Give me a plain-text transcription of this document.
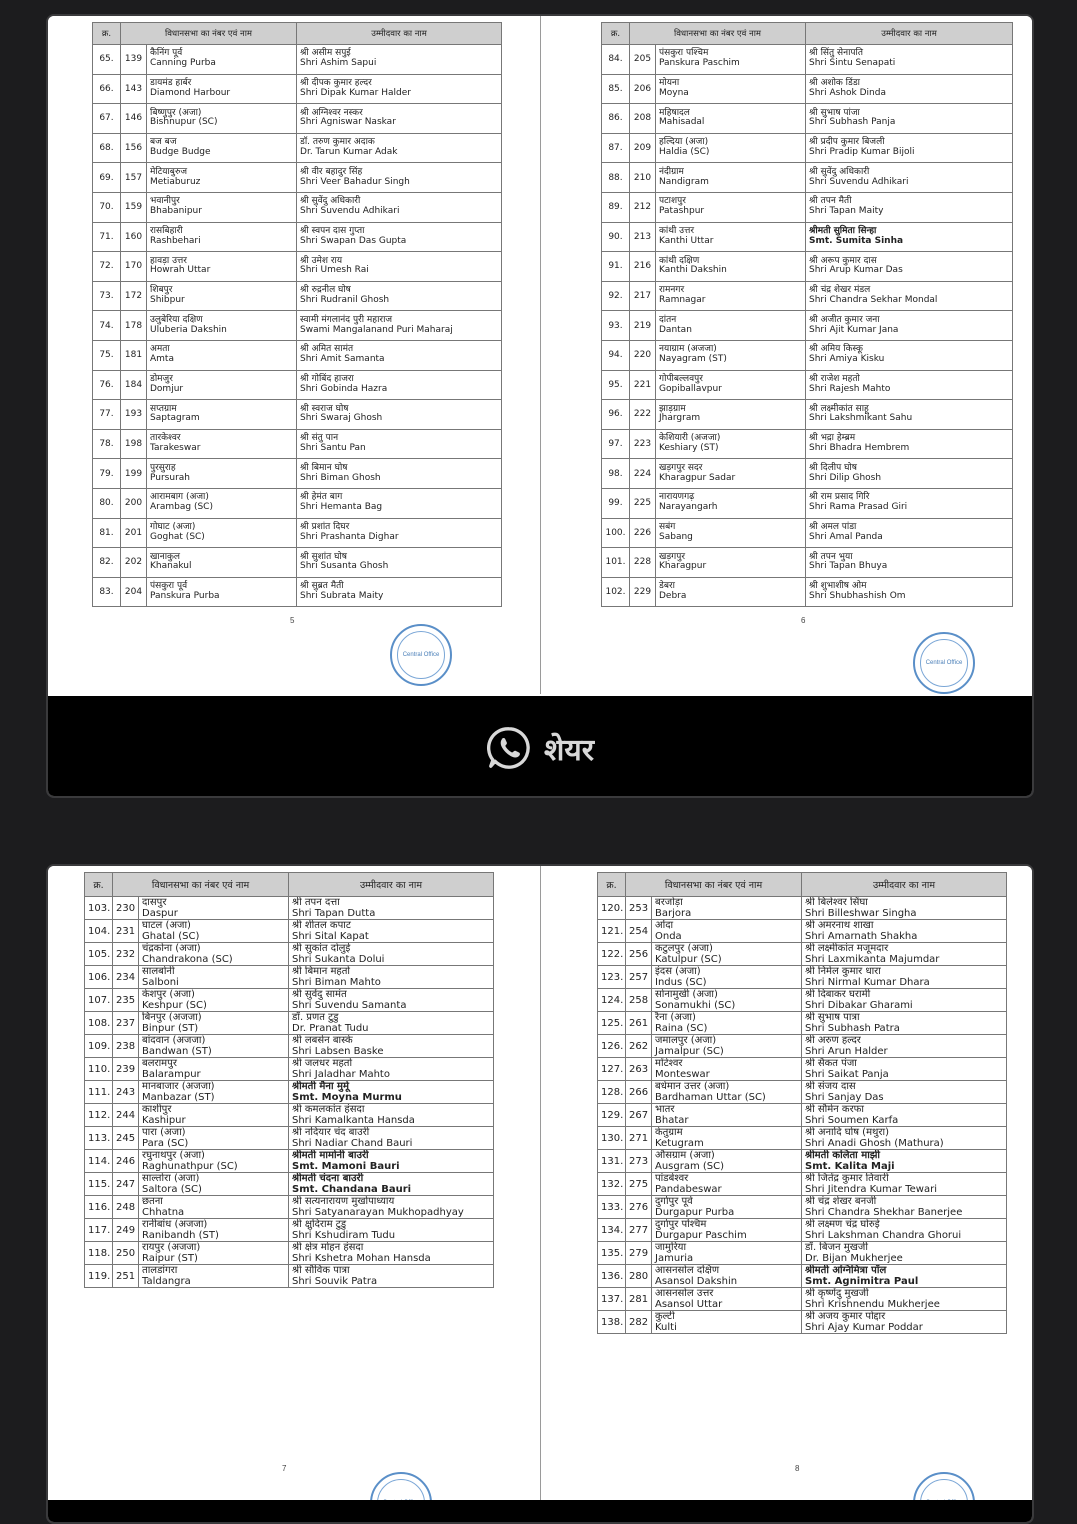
क्र.	विधानसभा का नंबर एवं नाम		उम्मीदवार का नाम
65.	139	कैनिंग पूर्व
Canning Purba	श्री असीम सपुई
Shri Ashim Sapui

66.	143	डायमंड हार्बर
Diamond Harbour	श्री दीपक कुमार हल्दर
Shri Dipak Kumar Halder

67.	146	बिष्णुपुर (अजा)
Bishnupur (SC)	श्री अग्निश्वर नस्कर
Shri Agniswar Naskar

68.	156	बज बज
Budge Budge	डॉ. तरुण कुमार अदाक
Dr. Tarun Kumar Adak

69.	157	मेटियाबुरुज
Metiaburuz	श्री वीर बहादुर सिंह
Shri Veer Bahadur Singh

70.	159	भवानीपुर
Bhabanipur	श्री सुवेंदु अधिकारी
Shri Suvendu Adhikari

71.	160	रासबिहारी
Rashbehari	श्री स्वपन दास गुप्ता
Shri Swapan Das Gupta

72.	170	हावड़ा उत्तर
Howrah Uttar	श्री उमेश राय
Shri Umesh Rai

73.	172	शिबपुर
Shibpur	श्री रुद्रनील घोष
Shri Rudranil Ghosh

74.	178	उलुबेरिया दक्षिण
Uluberia Dakshin	स्वामी मंगलानंद पुरी महाराज
Swami Mangalanand Puri Maharaj

75.	181	अमता
Amta	श्री अमित सामंत
Shri Amit Samanta

76.	184	डोमजुर
Domjur	श्री गोबिंद हाजरा
Shri Gobinda Hazra

77.	193	सप्तग्राम
Saptagram	श्री स्वराज घोष
Shri Swaraj Ghosh

78.	198	तारकेश्वर
Tarakeswar	श्री संतु पान
Shri Santu Pan

79.	199	पुरसुराह
Pursurah	श्री बिमान घोष
Shri Biman Ghosh

80.	200	आरामबाग (अजा)
Arambag (SC)	श्री हेमंत बाग
Shri Hemanta Bag

81.	201	गोघाट (अजा)
Goghat (SC)	श्री प्रशांत दिघर
Shri Prashanta Dighar

82.	202	खानाकुल
Khanakul	श्री सुशांत घोष
Shri Susanta Ghosh

83.	204	पंसकुरा पूर्व
Panskura Purba	श्री सुब्रत मैती
Shri Subrata Maity
5
Central Office
क्र.	विधानसभा का नंबर एवं नाम		उम्मीदवार का नाम
84.	205	पंसकुरा पश्चिम
Panskura Paschim	श्री सिंतु सेनापति
Shri Sintu Senapati

85.	206	मोयना
Moyna	श्री अशोक डिंडा
Shri Ashok Dinda

86.	208	महिषादल
Mahisadal	श्री सुभाष पांजा
Shri Subhash Panja

87.	209	हल्दिया (अजा)
Haldia (SC)	श्री प्रदीप कुमार बिजली
Shri Pradip Kumar Bijoli

88.	210	नंदीग्राम
Nandigram	श्री सुवेंदु अधिकारी
Shri Suvendu Adhikari

89.	212	पटाशपुर
Patashpur	श्री तपन मैती
Shri Tapan Maity

90.	213	कांथी उत्तर
Kanthi Uttar	श्रीमती सुमिता सिन्हा
Smt. Sumita Sinha

91.	216	कांथी दक्षिण
Kanthi Dakshin	श्री अरूप कुमार दास
Shri Arup Kumar Das

92.	217	रामनगर
Ramnagar	श्री चंद्र शेखर मंडल
Shri Chandra Sekhar Mondal

93.	219	दांतन
Dantan	श्री अजीत कुमार जना
Shri Ajit Kumar Jana

94.	220	नयाग्राम (अजजा)
Nayagram (ST)	श्री अमिय किस्कू
Shri Amiya Kisku

95.	221	गोपीबल्लवपुर
Gopiballavpur	श्री राजेश महतो
Shri Rajesh Mahto

96.	222	झाड़ग्राम
Jhargram	श्री लक्ष्मीकांत साहू
Shri Lakshmikant Sahu

97.	223	केशियारी (अजजा)
Keshiary (ST)	श्री भद्रा हेम्ब्रम
Shri Bhadra Hembrem

98.	224	खड़गपुर सदर
Kharagpur Sadar	श्री दिलीप घोष
Shri Dilip Ghosh

99.	225	नारायणगढ़
Narayangarh	श्री राम प्रसाद गिरि
Shri Rama Prasad Giri

100.	226	सबंग
Sabang	श्री अमल पांडा
Shri Amal Panda

101.	228	खड़गपुर
Kharagpur	श्री तपन भुया
Shri Tapan Bhuya

102.	229	डेबरा
Debra	श्री शुभाशीष ओम
Shri Shubhashish Om
6
Central Office
शेयर
क्र.	विधानसभा का नंबर एवं नाम		उम्मीदवार का नाम
103.	230	दासपुर
Daspur	श्री तपन दत्ता
Shri Tapan Dutta

104.	231	घाटल (अजा)
Ghatal (SC)	श्री शीतल कपाट
Shri Sital Kapat

105.	232	चंद्रकोना (अजा)
Chandrakona (SC)	श्री सुकांत दोलुई
Shri Sukanta Dolui

106.	234	सालबोनी
Salboni	श्री बिमान महतो
Shri Biman Mahto

107.	235	केशपुर (अजा)
Keshpur (SC)	श्री सुवेंदु सामंत
Shri Suvendu Samanta

108.	237	बिनपुर (अजजा)
Binpur (ST)	डॉ. प्रणत टुडु
Dr. Pranat Tudu

109.	238	बांदवान (अजजा)
Bandwan (ST)	श्री लबसेन बास्के
Shri Labsen Baske

110.	239	बलरामपुर
Balarampur	श्री जलधर महतो
Shri Jaladhar Mahto

111.	243	मानबाजार (अजजा)
Manbazar (ST)	श्रीमती मैना मुर्मू
Smt. Moyna Murmu

112.	244	काशीपुर
Kashipur	श्री कमलकांत हंसदा
Shri Kamalkanta Hansda

113.	245	पारा (अजा)
Para (SC)	श्री नदियार चंद बाउरी
Shri Nadiar Chand Bauri

114.	246	रघुनाथपुर (अजा)
Raghunathpur (SC)	श्रीमती मामोनी बाउरी
Smt. Mamoni Bauri

115.	247	साल्तोरा (अजा)
Saltora (SC)	श्रीमती चंदना बाउरी
Smt. Chandana Bauri

116.	248	छतना
Chhatna	श्री सत्यनारायण मुखोपाध्याय
Shri Satyanarayan Mukhopadhyay

117.	249	रानीबांध (अजजा)
Ranibandh (ST)	श्री क्षुदिराम टुडु
Shri Kshudiram Tudu

118.	250	रायपुर (अजजा)
Raipur (ST)	श्री क्षेत्र मोहन हंसदा
Shri Kshetra Mohan Hansda

119.	251	तालडांगरा
Taldangra	श्री सौविक पात्रा
Shri Souvik Patra
7
क्र.	विधानसभा का नंबर एवं नाम		उम्मीदवार का नाम
120.	253	बरजोड़ा
Barjora	श्री बिलेश्वर सिंघा
Shri Billeshwar Singha

121.	254	ओंदा
Onda	श्री अमरनाथ शाखा
Shri Amarnath Shakha

122.	256	कटुलपुर (अजा)
Katulpur (SC)	श्री लक्ष्मीकांत मजूमदार
Shri Laxmikanta Majumdar

123.	257	इंदस (अजा)
Indus (SC)	श्री निर्मल कुमार धारा
Shri Nirmal Kumar Dhara

124.	258	सोनामुखी (अजा)
Sonamukhi (SC)	श्री दिबाकर घरामी
Shri Dibakar Gharami

125.	261	रैना (अजा)
Raina (SC)	श्री सुभाष पात्रा
Shri Subhash Patra

126.	262	जमालपुर (अजा)
Jamalpur (SC)	श्री अरुण हल्दर
Shri Arun Halder

127.	263	मोंटेश्वर
Monteswar	श्री सैकत पंजा
Shri Saikat Panja

128.	266	बर्धमान उत्तर (अजा)
Bardhaman Uttar (SC)	श्री संजय दास
Shri Sanjay Das

129.	267	भातर
Bhatar	श्री सौमेन करफा
Shri Soumen Karfa

130.	271	केतुग्राम
Ketugram	श्री अनादि घोष (मथुरा)
Shri Anadi Ghosh (Mathura)

131.	273	औसग्राम (अजा)
Ausgram (SC)	श्रीमती कलिता माझी
Smt. Kalita Maji

132.	275	पांडबेश्वर
Pandabeswar	श्री जितेंद्र कुमार तिवारी
Shri Jitendra Kumar Tewari

133.	276	दुर्गापुर पूर्व
Durgapur Purba	श्री चंद्र शेखर बनर्जी
Shri Chandra Shekhar Banerjee

134.	277	दुर्गापुर पश्चिम
Durgapur Paschim	श्री लक्ष्मण चंद्र घोरुई
Shri Lakshman Chandra Ghorui

135.	279	जामुरिया
Jamuria	डॉ. बिजन मुखर्जी
Dr. Bijan Mukherjee

136.	280	आसनसोल दक्षिण
Asansol Dakshin	श्रीमती अग्निमित्रा पॉल
Smt. Agnimitra Paul

137.	281	आसनसोल उत्तर
Asansol Uttar	श्री कृष्णेंदु मुखर्जी
Shri Krishnendu Mukherjee

138.	282	कुल्टी
Kulti	श्री अजय कुमार पोद्दार
Shri Ajay Kumar Poddar
8
